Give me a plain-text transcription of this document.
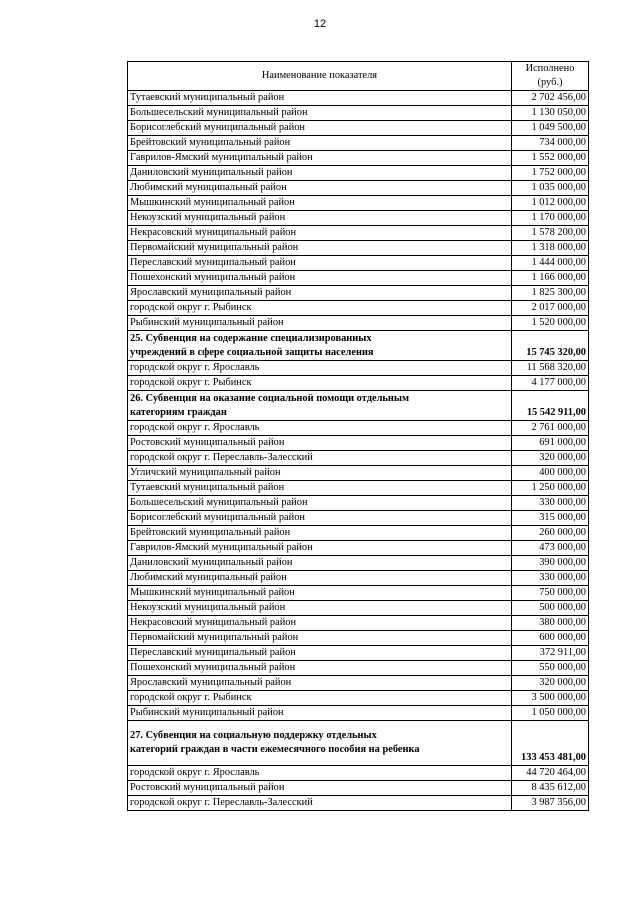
12
Наименование показателя	Исполнено
(руб.)
Тутаевский муниципальный район	2 702 456,00
Большесельский муниципальный район	1 130 050,00
Борисоглебский муниципальный район	1 049 500,00
Брейтовский муниципальный район	734 000,00
Гаврилов-Ямский муниципальный район	1 552 000,00
Даниловский муниципальный район	1 752 000,00
Любимский муниципальный район	1 035 000,00
Мышкинский муниципальный район	1 012 000,00
Некоузский муниципальный район	1 170 000,00
Некрасовский муниципальный район	1 578 200,00
Первомайский муниципальный район	1 318 000,00
Переславский муниципальный район	1 444 000,00
Пошехонский муниципальный район	1 166 000,00
Ярославский муниципальный район	1 825 300,00
городской округ г. Рыбинск	2 017 000,00
Рыбинский муниципальный район	1 520 000,00
25. Субвенция на содержание специализированных
учреждений в сфере социальной защиты населения	15 745 320,00
городской округ г. Ярославль	11 568 320,00
городской округ г. Рыбинск	4 177 000,00
26. Субвенция на оказание социальной помощи отдельным
категориям граждан	15 542 911,00
городской округ г. Ярославль	2 761 000,00
Ростовский муниципальный район	691 000,00
городской округ г. Переславль-Залесский	320 000,00
Угличский муниципальный район	400 000,00
Тутаевский муниципальный район	1 250 000,00
Большесельский муниципальный район	330 000,00
Борисоглебский муниципальный район	315 000,00
Брейтовский муниципальный район	260 000,00
Гаврилов-Ямский муниципальный район	473 000,00
Даниловский муниципальный район	390 000,00
Любимский муниципальный район	330 000,00
Мышкинский муниципальный район	750 000,00
Некоузский муниципальный район	500 000,00
Некрасовский муниципальный район	380 000,00
Первомайский муниципальный район	600 000,00
Переславский муниципальный район	372 911,00
Пошехонский муниципальный район	550 000,00
Ярославский муниципальный район	320 000,00
городской округ г. Рыбинск	3 500 000,00
Рыбинский муниципальный район	1 050 000,00
27. Субвенция на социальную поддержку отдельных
категорий граждан в части ежемесячного пособия на ребенка	133 453 481,00
городской округ г. Ярославль	44 720 464,00
Ростовский муниципальный район	8 435 612,00
городской округ г. Переславль-Залесский	3 987 356,00
